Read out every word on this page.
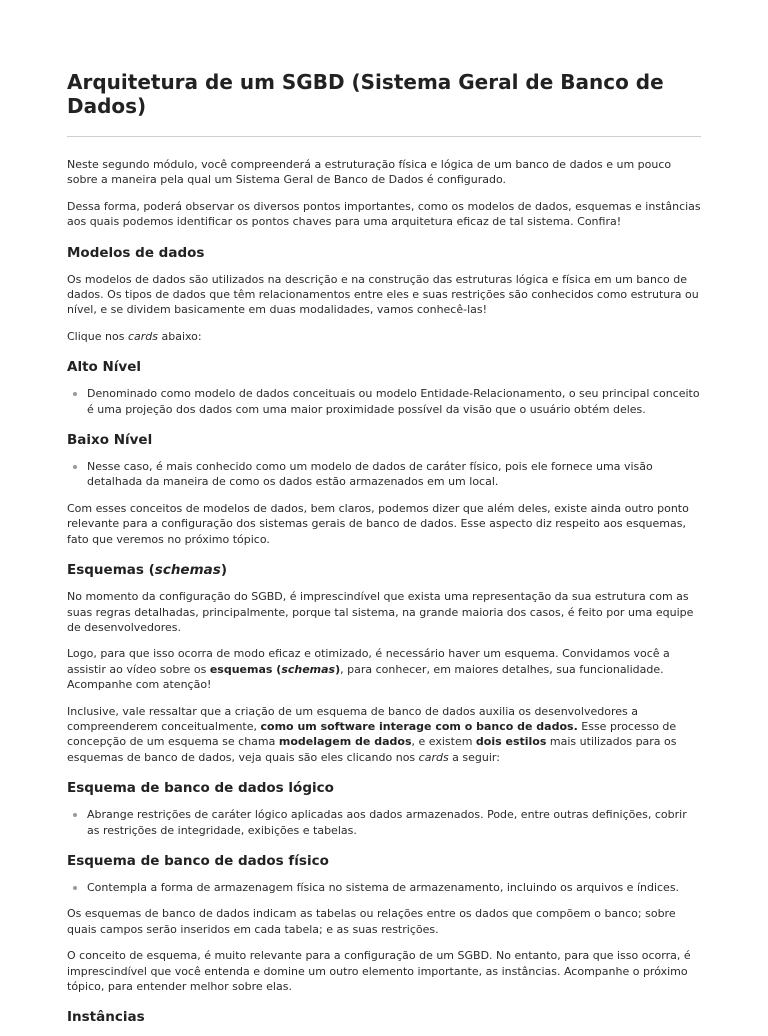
Arquitetura de um SGBD (Sistema Geral de Banco de Dados)

Neste segundo módulo, você compreenderá a estruturação física e lógica de um banco de dados e um pouco sobre a maneira pela qual um Sistema Geral de Banco de Dados é configurado.

Dessa forma, poderá observar os diversos pontos importantes, como os modelos de dados, esquemas e instâncias aos quais podemos identificar os pontos chaves para uma arquitetura eficaz de tal sistema. Confira!

Modelos de dados

Os modelos de dados são utilizados na descrição e na construção das estruturas lógica e física em um banco de dados. Os tipos de dados que têm relacionamentos entre eles e suas restrições são conhecidos como estrutura ou nível, e se dividem basicamente em duas modalidades, vamos conhecê-las!

Clique nos cards abaixo:

Alto Nível
Denominado como modelo de dados conceituais ou modelo Entidade-Relacionamento, o seu principal conceito é uma projeção dos dados com uma maior proximidade possível da visão que o usuário obtém deles.
Baixo Nível
Nesse caso, é mais conhecido como um modelo de dados de caráter físico, pois ele fornece uma visão detalhada da maneira de como os dados estão armazenados em um local.

Com esses conceitos de modelos de dados, bem claros, podemos dizer que além deles, existe ainda outro ponto relevante para a configuração dos sistemas gerais de banco de dados. Esse aspecto diz respeito aos esquemas, fato que veremos no próximo tópico.

Esquemas (schemas)

No momento da configuração do SGBD, é imprescindível que exista uma representação da sua estrutura com as suas regras detalhadas, principalmente, porque tal sistema, na grande maioria dos casos, é feito por uma equipe de desenvolvedores.

Logo, para que isso ocorra de modo eficaz e otimizado, é necessário haver um esquema. Convidamos você a assistir ao vídeo sobre os esquemas (schemas), para conhecer, em maiores detalhes, sua funcionalidade. Acompanhe com atenção!

Inclusive, vale ressaltar que a criação de um esquema de banco de dados auxilia os desenvolvedores a compreenderem conceitualmente, como um software interage com o banco de dados. Esse processo de concepção de um esquema se chama modelagem de dados, e existem dois estilos mais utilizados para os esquemas de banco de dados, veja quais são eles clicando nos cards a seguir:

Esquema de banco de dados lógico
Abrange restrições de caráter lógico aplicadas aos dados armazenados. Pode, entre outras definições, cobrir as restrições de integridade, exibições e tabelas.
Esquema de banco de dados físico
Contempla a forma de armazenagem física no sistema de armazenamento, incluindo os arquivos e índices.

Os esquemas de banco de dados indicam as tabelas ou relações entre os dados que compõem o banco; sobre quais campos serão inseridos em cada tabela; e as suas restrições.

O conceito de esquema, é muito relevante para a configuração de um SGBD. No entanto, para que isso ocorra, é imprescindível que você entenda e domine um outro elemento importante, as instâncias. Acompanhe o próximo tópico, para entender melhor sobre elas.

Instâncias
